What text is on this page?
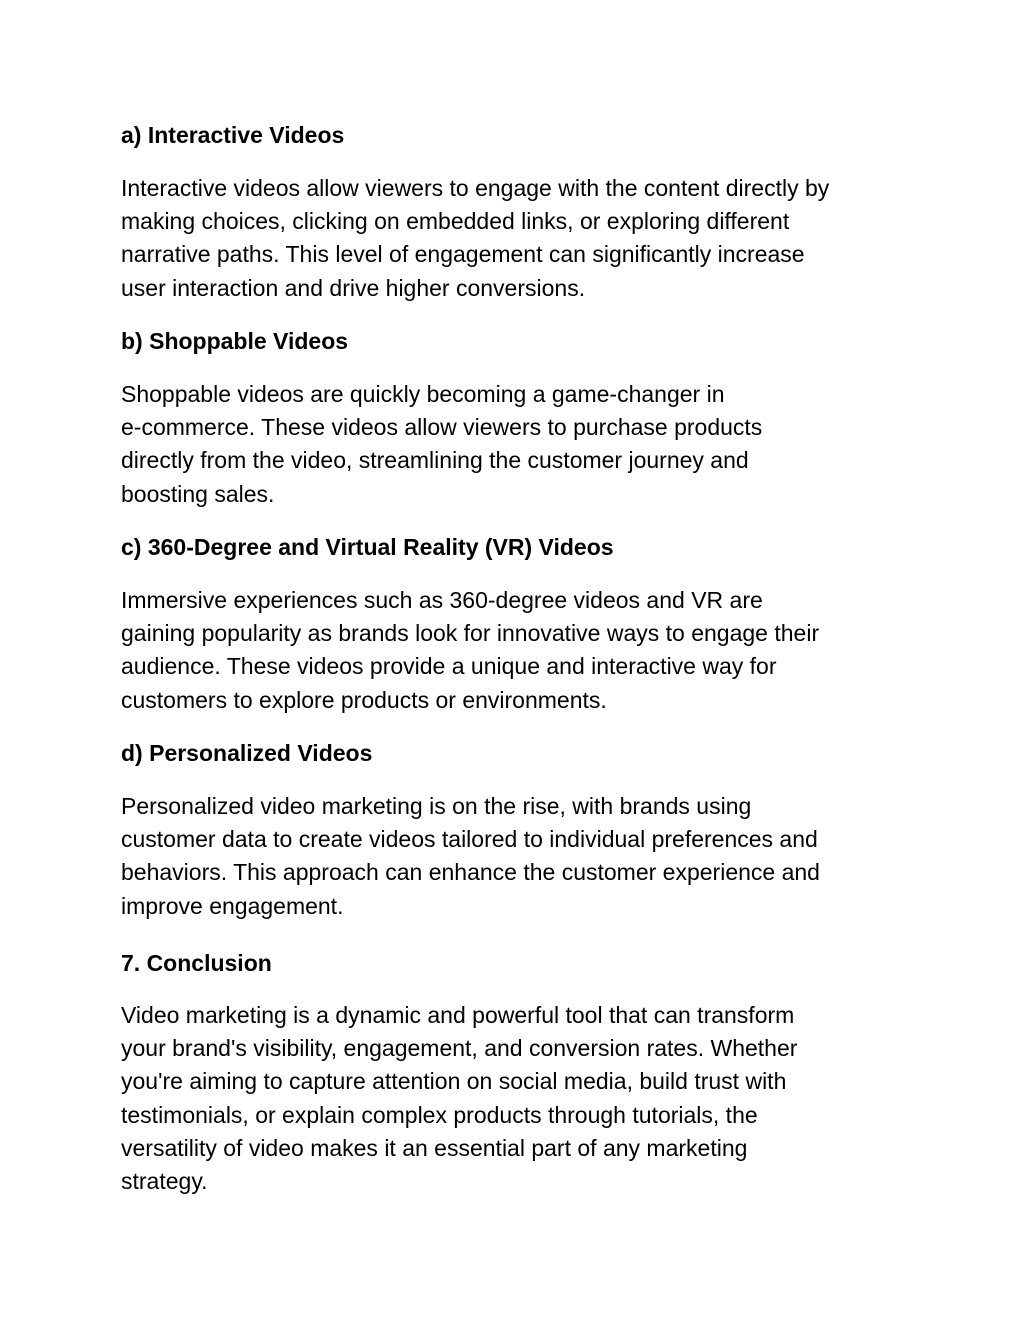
a) Interactive Videos

Interactive videos allow viewers to engage with the content directly by
making choices, clicking on embedded links, or exploring different
narrative paths. This level of engagement can significantly increase
user interaction and drive higher conversions.

b) Shoppable Videos

Shoppable videos are quickly becoming a game-changer in
e-commerce. These videos allow viewers to purchase products
directly from the video, streamlining the customer journey and
boosting sales.

c) 360-Degree and Virtual Reality (VR) Videos

Immersive experiences such as 360-degree videos and VR are
gaining popularity as brands look for innovative ways to engage their
audience. These videos provide a unique and interactive way for
customers to explore products or environments.

d) Personalized Videos

Personalized video marketing is on the rise, with brands using
customer data to create videos tailored to individual preferences and
behaviors. This approach can enhance the customer experience and
improve engagement.

7. Conclusion

Video marketing is a dynamic and powerful tool that can transform
your brand's visibility, engagement, and conversion rates. Whether
you're aiming to capture attention on social media, build trust with
testimonials, or explain complex products through tutorials, the
versatility of video makes it an essential part of any marketing
strategy.
